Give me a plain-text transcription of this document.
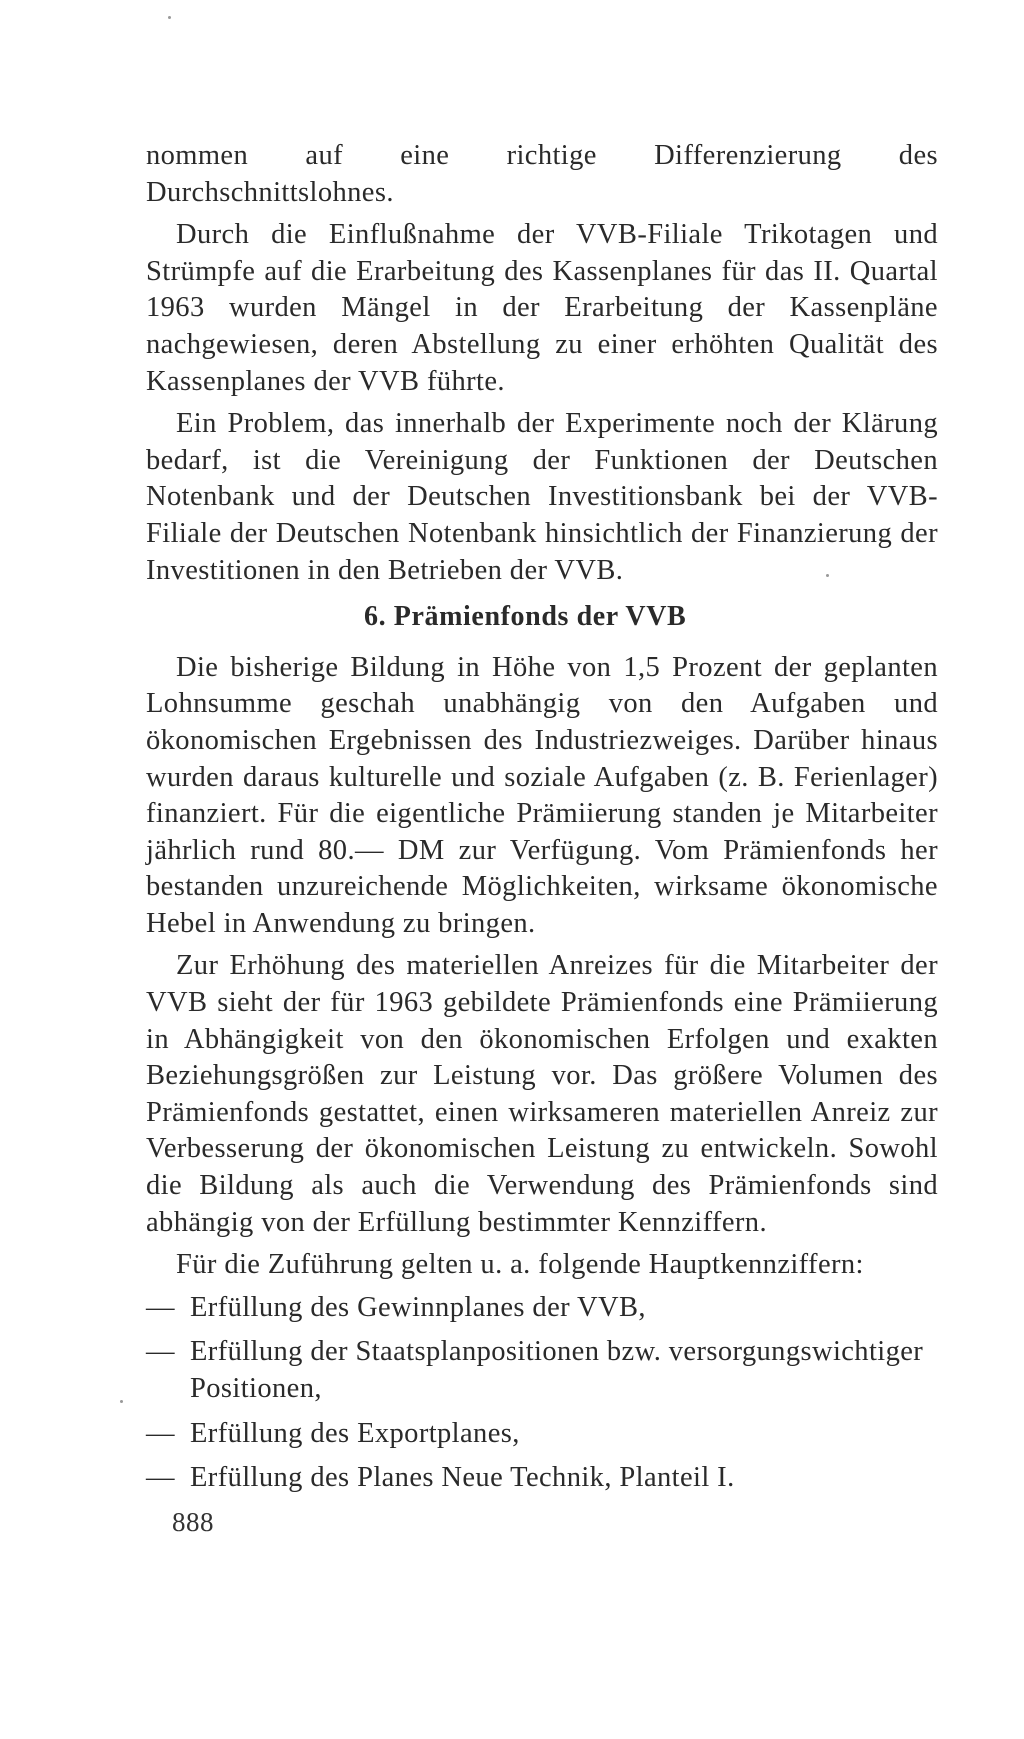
nommen auf eine richtige Differenzierung des Durchschnittslohnes.

Durch die Einflußnahme der VVB-Filiale Trikotagen und Strümpfe auf die Erarbeitung des Kassenplanes für das II. Quartal 1963 wurden Mängel in der Erarbeitung der Kassenpläne nachgewiesen, deren Abstellung zu einer erhöhten Qualität des Kassenplanes der VVB führte.

Ein Problem, das innerhalb der Experimente noch der Klärung bedarf, ist die Vereinigung der Funktionen der Deutschen Notenbank und der Deutschen Investitionsbank bei der VVB-Filiale der Deutschen Notenbank hinsichtlich der Finanzierung der Investitionen in den Betrieben der VVB.

6. Prämienfonds der VVB

Die bisherige Bildung in Höhe von 1,5 Prozent der geplanten Lohnsumme geschah unabhängig von den Aufgaben und ökonomischen Ergebnissen des Industriezweiges. Darüber hinaus wurden daraus kulturelle und soziale Aufgaben (z. B. Ferienlager) finanziert. Für die eigentliche Prämiierung standen je Mitarbeiter jährlich rund 80.— DM zur Verfügung. Vom Prämienfonds her bestanden unzureichende Möglichkeiten, wirksame ökonomische Hebel in Anwendung zu bringen.

Zur Erhöhung des materiellen Anreizes für die Mitarbeiter der VVB sieht der für 1963 gebildete Prämienfonds eine Prämiierung in Abhängigkeit von den ökonomischen Erfolgen und exakten Beziehungsgrößen zur Leistung vor. Das größere Volumen des Prämienfonds gestattet, einen wirksameren materiellen Anreiz zur Verbesserung der ökonomischen Leistung zu entwickeln. Sowohl die Bildung als auch die Verwendung des Prämienfonds sind abhängig von der Erfüllung bestimmter Kennziffern.

Für die Zuführung gelten u. a. folgende Hauptkennziffern:

— Erfüllung des Gewinnplanes der VVB,
— Erfüllung der Staatsplanpositionen bzw. versorgungswichtiger Positionen,
— Erfüllung des Exportplanes,
— Erfüllung des Planes Neue Technik, Planteil I.
888
